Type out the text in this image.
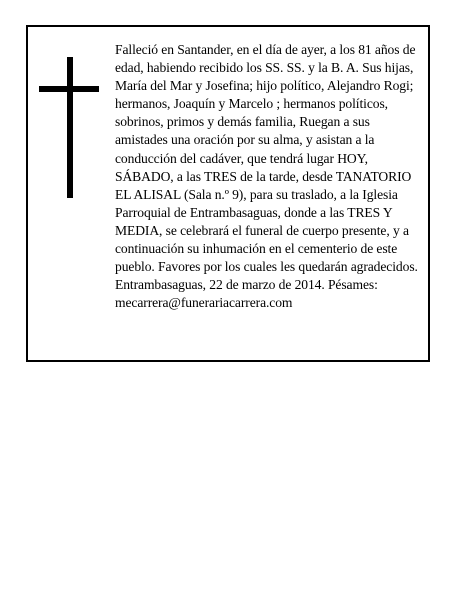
Falleció en Santander, en el día de ayer, a los 81 años de edad, habiendo recibido los SS. SS. y la B. A. Sus hijas, María del Mar y Josefina; hijo político, Alejandro Rogi; hermanos, Joaquín y Marcelo ; hermanos políticos, sobrinos, primos y demás familia, Ruegan a sus amistades una oración por su alma, y asistan a la conducción del cadáver, que tendrá lugar HOY, SÁBADO, a las TRES de la tarde, desde TANATORIO EL ALISAL (Sala n.º 9), para su traslado, a la Iglesia Parroquial de Entrambasaguas, donde a las TRES Y MEDIA, se celebrará el funeral de cuerpo presente, y a continuación su inhumación en el cementerio de este pueblo. Favores por los cuales les quedarán agradecidos.

Entrambasaguas, 22 de marzo de 2014. Pésames: mecarrera@funerariacarrera.com
